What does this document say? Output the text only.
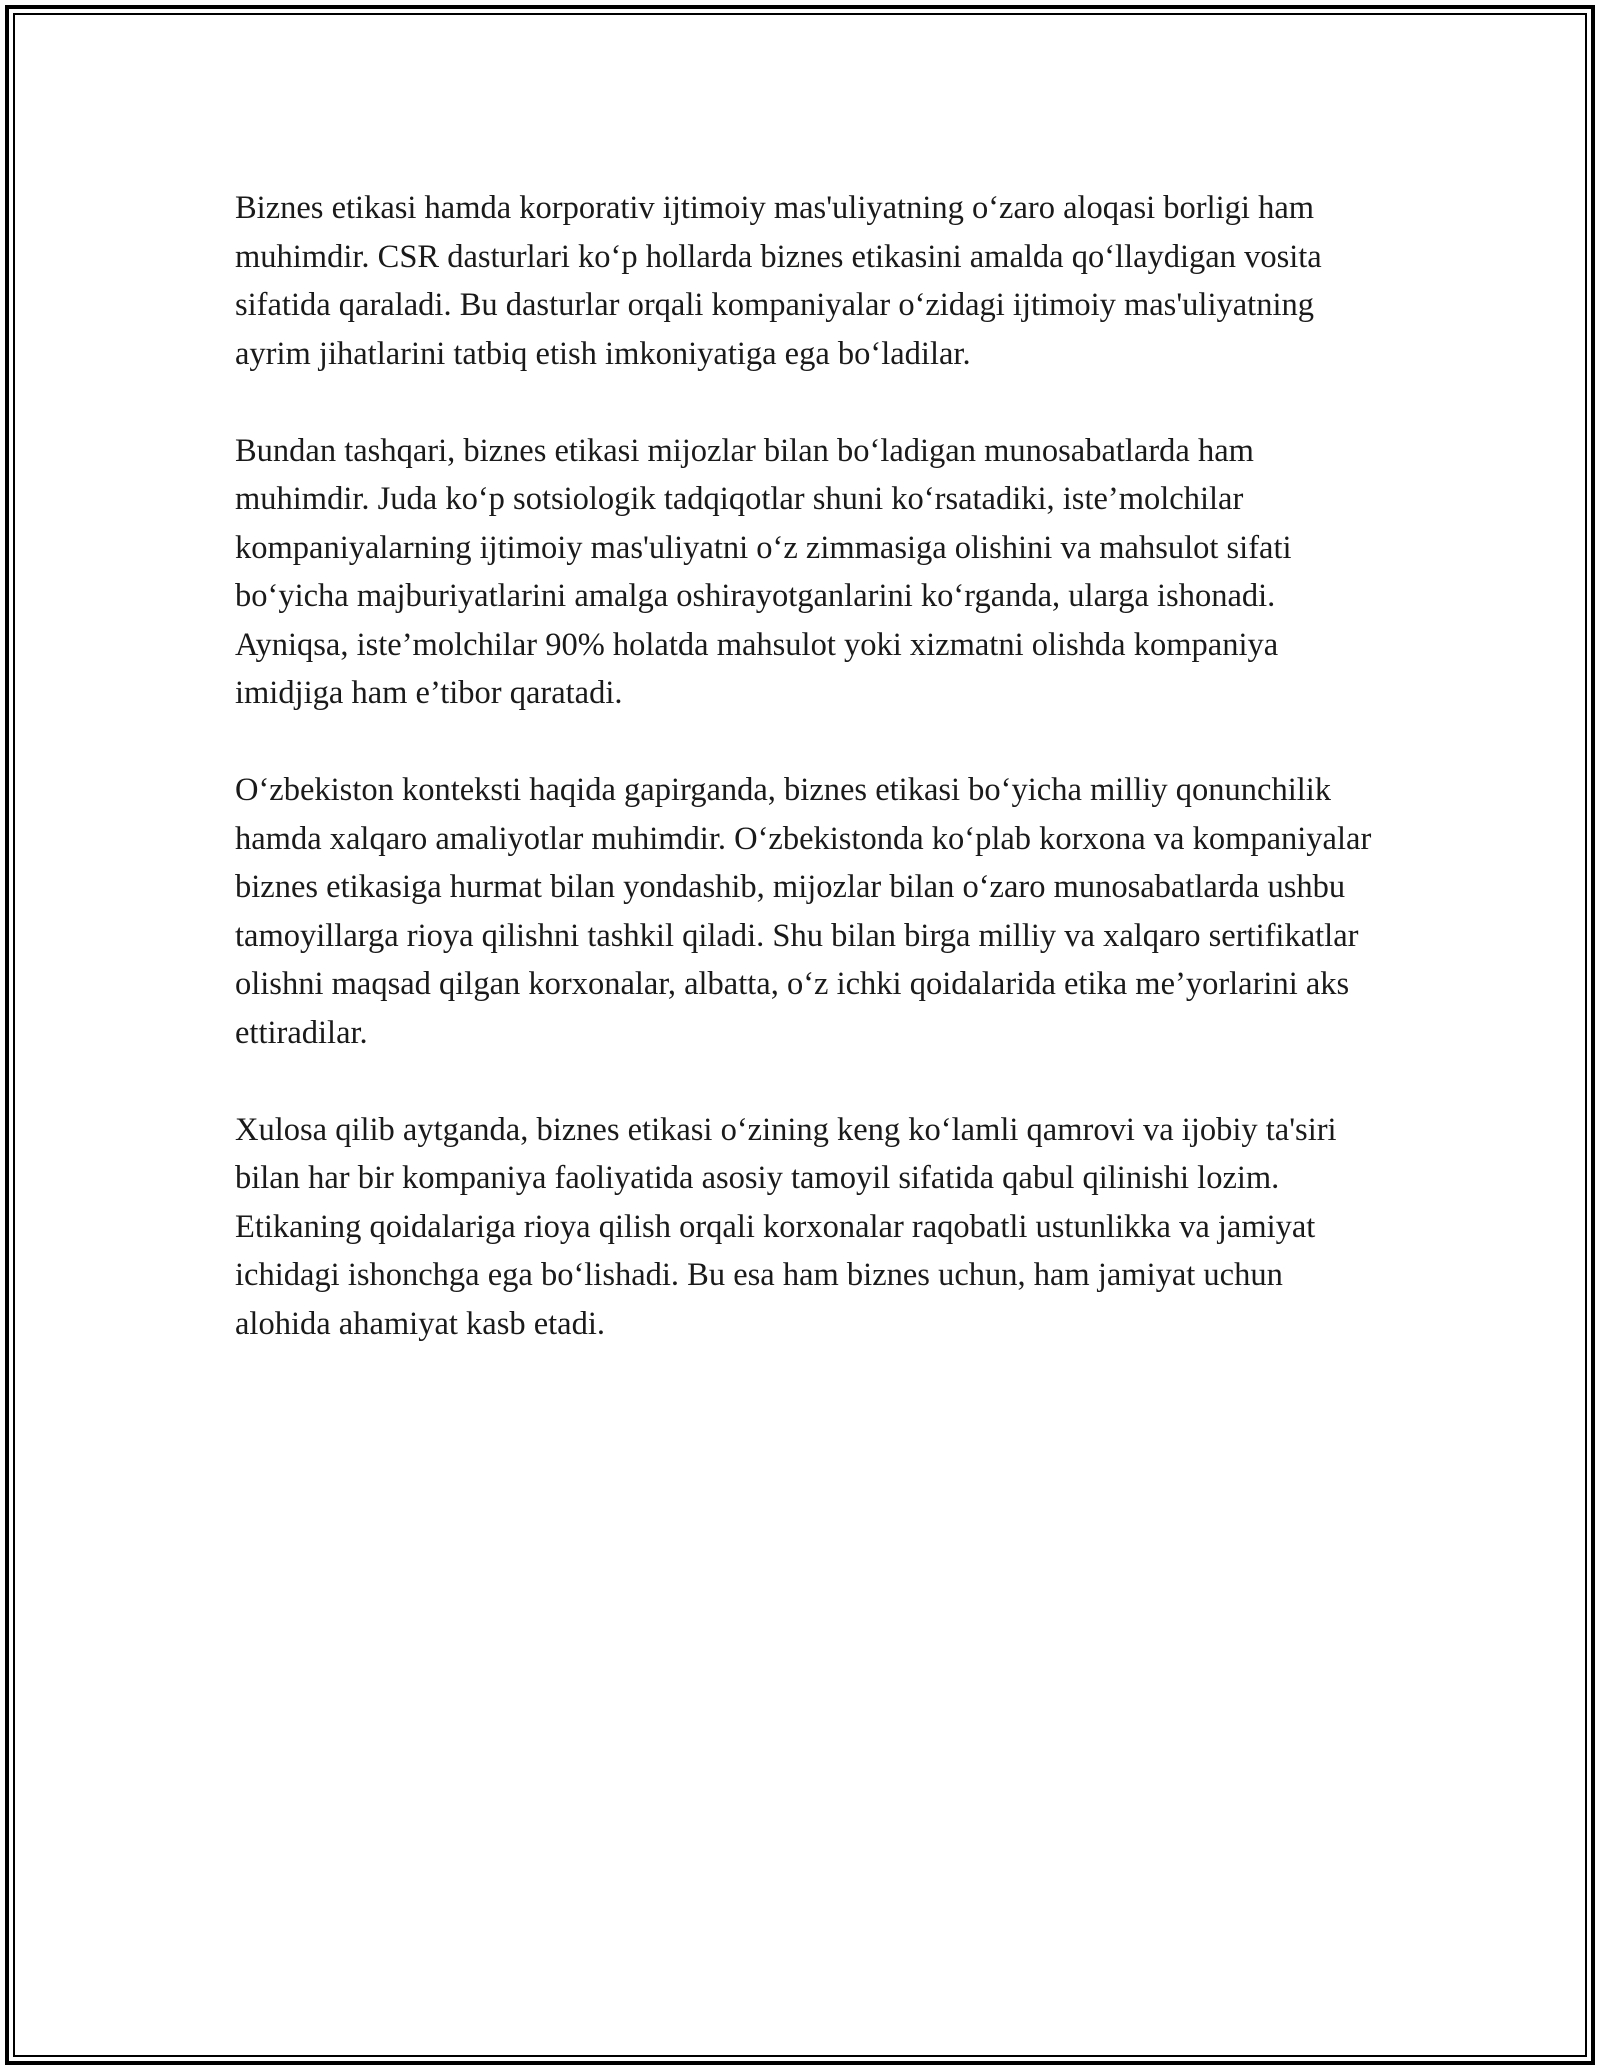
Biznes etikasi hamda korporativ ijtimoiy mas'uliyatning o‘zaro aloqasi borligi ham muhimdir. CSR dasturlari ko‘p hollarda biznes etikasini amalda qo‘llaydigan vosita sifatida qaraladi. Bu dasturlar orqali kompaniyalar o‘zidagi ijtimoiy mas'uliyatning ayrim jihatlarini tatbiq etish imkoniyatiga ega bo‘ladilar.

Bundan tashqari, biznes etikasi mijozlar bilan bo‘ladigan munosabatlarda ham muhimdir. Juda ko‘p sotsiologik tadqiqotlar shuni ko‘rsatadiki, iste’molchilar kompaniyalarning ijtimoiy mas'uliyatni o‘z zimmasiga olishini va mahsulot sifati bo‘yicha majburiyatlarini amalga oshirayotganlarini ko‘rganda, ularga ishonadi. Ayniqsa, iste’molchilar 90% holatda mahsulot yoki xizmatni olishda kompaniya imidjiga ham e’tibor qaratadi.

O‘zbekiston konteksti haqida gapirganda, biznes etikasi bo‘yicha milliy qonunchilik hamda xalqaro amaliyotlar muhimdir. O‘zbekistonda ko‘plab korxona va kompaniyalar biznes etikasiga hurmat bilan yondashib, mijozlar bilan o‘zaro munosabatlarda ushbu tamoyillarga rioya qilishni tashkil qiladi. Shu bilan birga milliy va xalqaro sertifikatlar olishni maqsad qilgan korxonalar, albatta, o‘z ichki qoidalarida etika me’yorlarini aks ettiradilar.

Xulosa qilib aytganda, biznes etikasi o‘zining keng ko‘lamli qamrovi va ijobiy ta'siri bilan har bir kompaniya faoliyatida asosiy tamoyil sifatida qabul qilinishi lozim. Etikaning qoidalariga rioya qilish orqali korxonalar raqobatli ustunlikka va jamiyat ichidagi ishonchga ega bo‘lishadi. Bu esa ham biznes uchun, ham jamiyat uchun alohida ahamiyat kasb etadi.
